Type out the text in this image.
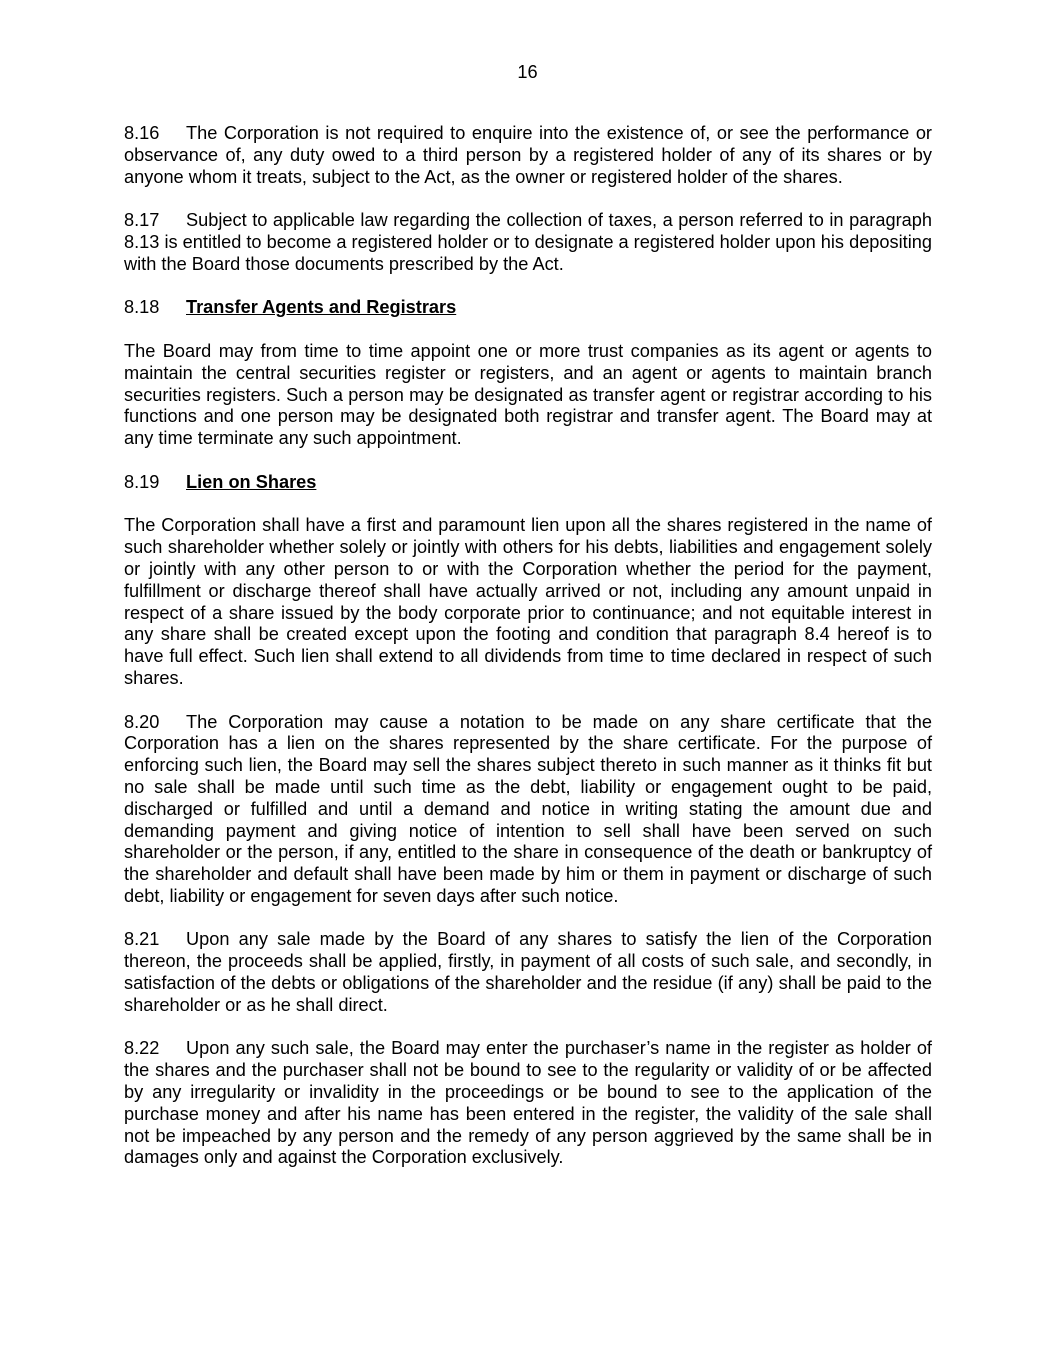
16

8.16 The Corporation is not required to enquire into the existence of, or see the performance or observance of, any duty owed to a third person by a registered holder of any of its shares or by anyone whom it treats, subject to the Act, as the owner or registered holder of the shares.

8.17 Subject to applicable law regarding the collection of taxes, a person referred to in paragraph 8.13 is entitled to become a registered holder or to designate a registered holder upon his depositing with the Board those documents prescribed by the Act.

8.18 Transfer Agents and Registrars

The Board may from time to time appoint one or more trust companies as its agent or agents to maintain the central securities register or registers, and an agent or agents to maintain branch securities registers. Such a person may be designated as transfer agent or registrar according to his functions and one person may be designated both registrar and transfer agent. The Board may at any time terminate any such appointment.

8.19 Lien on Shares

The Corporation shall have a first and paramount lien upon all the shares registered in the name of such shareholder whether solely or jointly with others for his debts, liabilities and engagement solely or jointly with any other person to or with the Corporation whether the period for the payment, fulfillment or discharge thereof shall have actually arrived or not, including any amount unpaid in respect of a share issued by the body corporate prior to continuance; and not equitable interest in any share shall be created except upon the footing and condition that paragraph 8.4 hereof is to have full effect. Such lien shall extend to all dividends from time to time declared in respect of such shares.

8.20 The Corporation may cause a notation to be made on any share certificate that the Corporation has a lien on the shares represented by the share certificate. For the purpose of enforcing such lien, the Board may sell the shares subject thereto in such manner as it thinks fit but no sale shall be made until such time as the debt, liability or engagement ought to be paid, discharged or fulfilled and until a demand and notice in writing stating the amount due and demanding payment and giving notice of intention to sell shall have been served on such shareholder or the person, if any, entitled to the share in consequence of the death or bankruptcy of the shareholder and default shall have been made by him or them in payment or discharge of such debt, liability or engagement for seven days after such notice.

8.21 Upon any sale made by the Board of any shares to satisfy the lien of the Corporation thereon, the proceeds shall be applied, firstly, in payment of all costs of such sale, and secondly, in satisfaction of the debts or obligations of the shareholder and the residue (if any) shall be paid to the shareholder or as he shall direct.

8.22 Upon any such sale, the Board may enter the purchaser’s name in the register as holder of the shares and the purchaser shall not be bound to see to the regularity or validity of or be affected by any irregularity or invalidity in the proceedings or be bound to see to the application of the purchase money and after his name has been entered in the register, the validity of the sale shall not be impeached by any person and the remedy of any person aggrieved by the same shall be in damages only and against the Corporation exclusively.
